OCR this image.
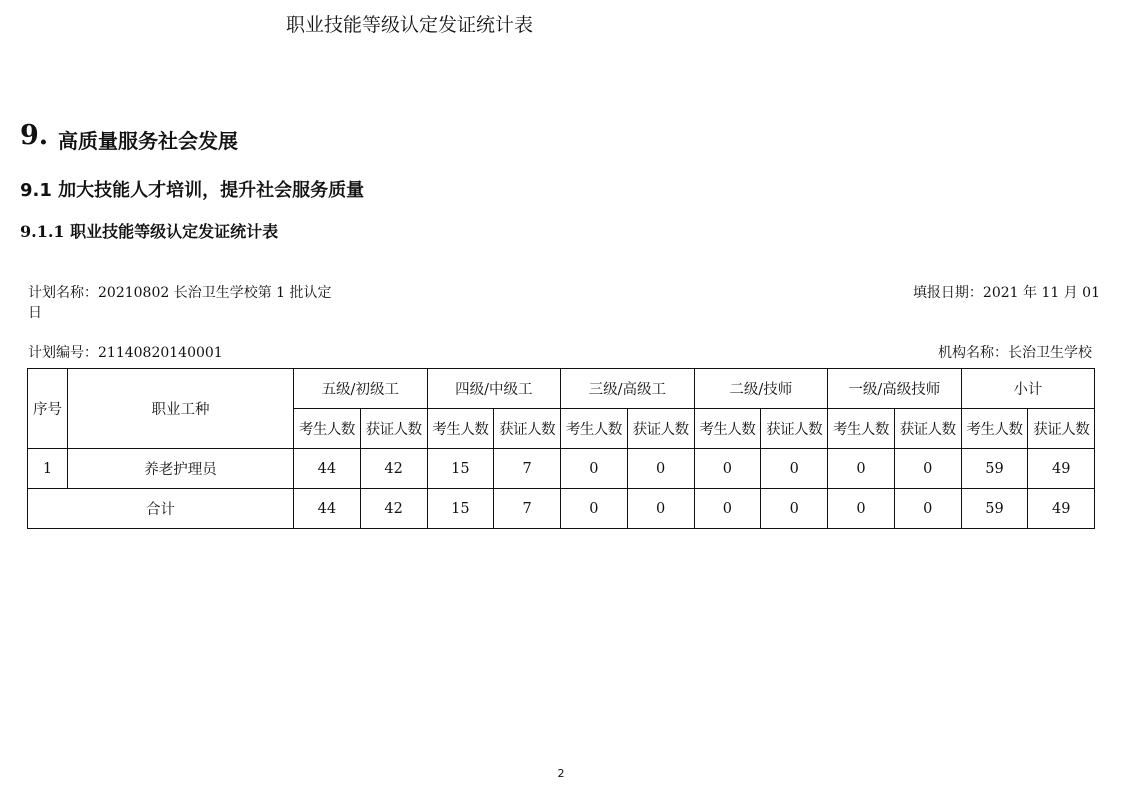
职业技能等级认定发证统计表
9. 高质量服务社会发展
9.1 加大技能人才培训，提升社会服务质量
9.1.1 职业技能等级认定发证统计表
计划名称：20210802 长治卫生学校第 1 批认定
日
填报日期：2021 年 11 月 01
计划编号：21140820140001	机构名称：长治卫生学校
序号	职业工种	五级/初级工		四级/中级工		三级/高级工		二级/技师		一级/高级技师		小计	
		考生人数	获证人数	考生人数	获证人数	考生人数	获证人数	考生人数	获证人数	考生人数	获证人数	考生人数	获证人数
1	养老护理员	44	42	15	7	0	0	0	0	0	0	59	49
合计		44	42	15	7	0	0	0	0	0	0	59	49
2
